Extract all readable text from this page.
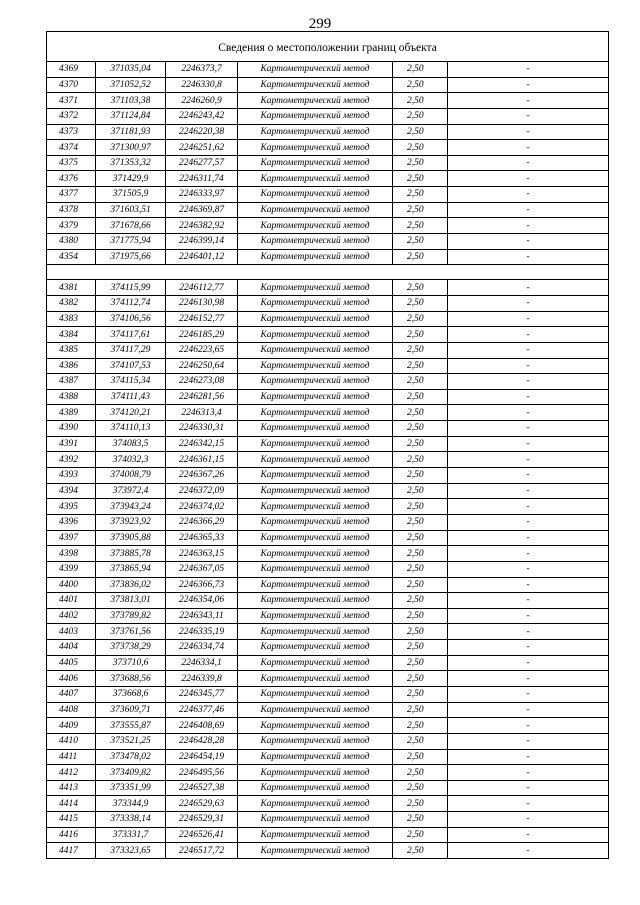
299
Сведения о местоположении границ объекта					
4369	371035,04	2246373,7	Картометрический метод	2,50	-
4370	371052,52	2246330,8	Картометрический метод	2,50	-
4371	371103,38	2246260,9	Картометрический метод	2,50	-
4372	371124,84	2246243,42	Картометрический метод	2,50	-
4373	371181,93	2246220,38	Картометрический метод	2,50	-
4374	371300,97	2246251,62	Картометрический метод	2,50	-
4375	371353,32	2246277,57	Картометрический метод	2,50	-
4376	371429,9	2246311,74	Картометрический метод	2,50	-
4377	371505,9	2246333,97	Картометрический метод	2,50	-
4378	371603,51	2246369,87	Картометрический метод	2,50	-
4379	371678,66	2246382,92	Картометрический метод	2,50	-
4380	371775,94	2246399,14	Картометрический метод	2,50	-
4354	371975,66	2246401,12	Картометрический метод	2,50	-

4381	374115,99	2246112,77	Картометрический метод	2,50	-
4382	374112,74	2246130,98	Картометрический метод	2,50	-
4383	374106,56	2246152,77	Картометрический метод	2,50	-
4384	374117,61	2246185,29	Картометрический метод	2,50	-
4385	374117,29	2246223,65	Картометрический метод	2,50	-
4386	374107,53	2246250,64	Картометрический метод	2,50	-
4387	374115,34	2246273,08	Картометрический метод	2,50	-
4388	374111,43	2246281,56	Картометрический метод	2,50	-
4389	374120,21	2246313,4	Картометрический метод	2,50	-
4390	374110,13	2246330,31	Картометрический метод	2,50	-
4391	374083,5	2246342,15	Картометрический метод	2,50	-
4392	374032,3	2246361,15	Картометрический метод	2,50	-
4393	374008,79	2246367,26	Картометрический метод	2,50	-
4394	373972,4	2246372,09	Картометрический метод	2,50	-
4395	373943,24	2246374,02	Картометрический метод	2,50	-
4396	373923,92	2246366,29	Картометрический метод	2,50	-
4397	373905,88	2246365,33	Картометрический метод	2,50	-
4398	373885,78	2246363,15	Картометрический метод	2,50	-
4399	373865,94	2246367,05	Картометрический метод	2,50	-
4400	373836,02	2246366,73	Картометрический метод	2,50	-
4401	373813,01	2246354,06	Картометрический метод	2,50	-
4402	373789,82	2246343,11	Картометрический метод	2,50	-
4403	373761,56	2246335,19	Картометрический метод	2,50	-
4404	373738,29	2246334,74	Картометрический метод	2,50	-
4405	373710,6	2246334,1	Картометрический метод	2,50	-
4406	373688,56	2246339,8	Картометрический метод	2,50	-
4407	373668,6	2246345,77	Картометрический метод	2,50	-
4408	373609,71	2246377,46	Картометрический метод	2,50	-
4409	373555,87	2246408,69	Картометрический метод	2,50	-
4410	373521,25	2246428,28	Картометрический метод	2,50	-
4411	373478,02	2246454,19	Картометрический метод	2,50	-
4412	373409,82	2246495,56	Картометрический метод	2,50	-
4413	373351,99	2246527,38	Картометрический метод	2,50	-
4414	373344,9	2246529,63	Картометрический метод	2,50	-
4415	373338,14	2246529,31	Картометрический метод	2,50	-
4416	373331,7	2246526,41	Картометрический метод	2,50	-
4417	373323,65	2246517,72	Картометрический метод	2,50	-
